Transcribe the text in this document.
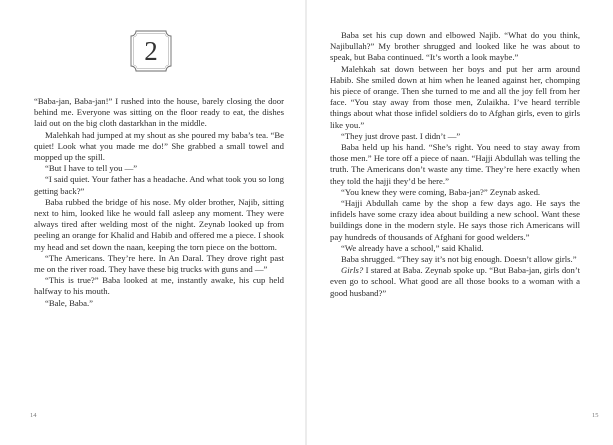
2

“Baba-jan, Baba-jan!” I rushed into the house, barely closing the door behind me. Everyone was sitting on the floor ready to eat, the dishes laid out on the big cloth dastarkhan in the middle.

Malehkah had jumped at my shout as she poured my baba’s tea. “Be quiet! Look what you made me do!” She grabbed a small towel and mopped up the spill.

“But I have to tell you —”

“I said quiet. Your father has a headache. And what took you so long getting back?”

Baba rubbed the bridge of his nose. My older brother, Najib, sitting next to him, looked like he would fall asleep any moment. They were always tired after welding most of the night. Zeynab looked up from peeling an orange for Khalid and Habib and offered me a piece. I shook my head and set down the naan, keeping the torn piece on the bottom.

“The Americans. They’re here. In An Daral. They drove right past me on the river road. They have these big trucks with guns and —”

“This is true?” Baba looked at me, instantly awake, his cup held halfway to his mouth.

“Bale, Baba.”

14

Baba set his cup down and elbowed Najib. “What do you think, Najibullah?” My brother shrugged and looked like he was about to speak, but Baba continued. “It’s worth a look maybe.”

Malehkah sat down between her boys and put her arm around Habib. She smiled down at him when he leaned against her, chomping his piece of orange. Then she turned to me and all the joy fell from her face. “You stay away from those men, Zulaikha. I’ve heard terrible things about what those infidel soldiers do to Afghan girls, even to girls like you.”

“They just drove past. I didn’t —”

Baba held up his hand. “She’s right. You need to stay away from those men.” He tore off a piece of naan. “Hajji Abdullah was telling the truth. The Americans don’t waste any time. They’re here exactly when they told the hajji they’d be here.”

“You knew they were coming, Baba-jan?” Zeynab asked.

“Hajji Abdullah came by the shop a few days ago. He says the infidels have some crazy idea about building a new school. Want these buildings done in the modern style. He says those rich Americans will pay hundreds of thousands of Afghani for good welders.”

“We already have a school,” said Khalid.

Baba shrugged. “They say it’s not big enough. Doesn’t allow girls.”

Girls? I stared at Baba. Zeynab spoke up. “But Baba-jan, girls don’t even go to school. What good are all those books to a woman with a good husband?”

15
